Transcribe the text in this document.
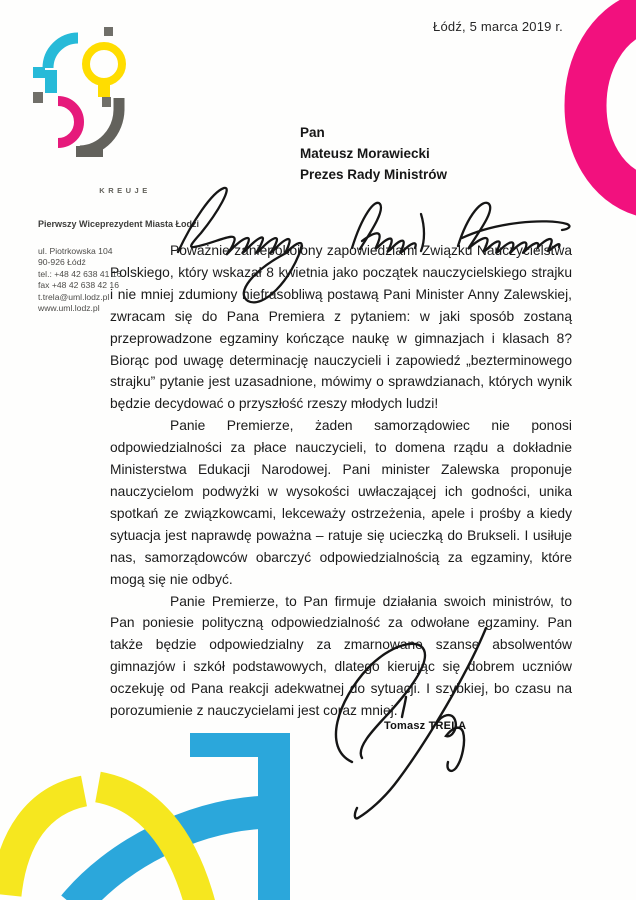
Łódź, 5 marca 2019 r.
KREUJE
Pierwszy Wiceprezydent Miasta Łodzi
ul. Piotrkowska 104
90-926 Łódź
tel.: +48 42 638 41 16
fax +48 42 638 42 16
t.trela@uml.lodz.pl
www.uml.lodz.pl
Pan
Mateusz Morawiecki
Prezes Rady Ministrów

Poważnie zaniepokojony zapowiedziami Związku Nauczycielstwa Polskiego, który wskazał 8 kwietnia jako początek nauczycielskiego strajku i nie mniej zdumiony niefrasobliwą postawą Pani Minister Anny Zalewskiej, zwracam się do Pana Premiera z pytaniem: w jaki sposób zostaną przeprowadzone egzaminy kończące naukę w gimnazjach i klasach 8? Biorąc pod uwagę determinację nauczycieli i zapowiedź „bezterminowego strajku” pytanie jest uzasadnione, mówimy o sprawdzianach, których wynik będzie decydować o przyszłość rzeszy młodych ludzi!

Panie Premierze, żaden samorządowiec nie ponosi odpowiedzialności za płace nauczycieli, to domena rządu a dokładnie Ministerstwa Edukacji Narodowej. Pani minister Zalewska proponuje nauczycielom podwyżki w wysokości uwłaczającej ich godności, unika spotkań ze związkowcami, lekceważy ostrzeżenia, apele i prośby a kiedy sytuacja jest naprawdę poważna – ratuje się ucieczką do Brukseli. I usiłuje nas, samorządowców obarczyć odpowiedzialnością za egzaminy, które mogą się nie odbyć.

Panie Premierze, to Pan firmuje działania swoich ministrów, to Pan poniesie polityczną odpowiedzialność za odwołane egzaminy. Pan także będzie odpowiedzialny za zmarnowane szanse absolwentów gimnazjów i szkół podstawowych, dlatego kierując się dobrem uczniów oczekuję od Pana reakcji adekwatnej do sytuacji. I szybkiej, bo czasu na porozumienie z nauczycielami jest coraz mniej.

Tomasz TRELA
